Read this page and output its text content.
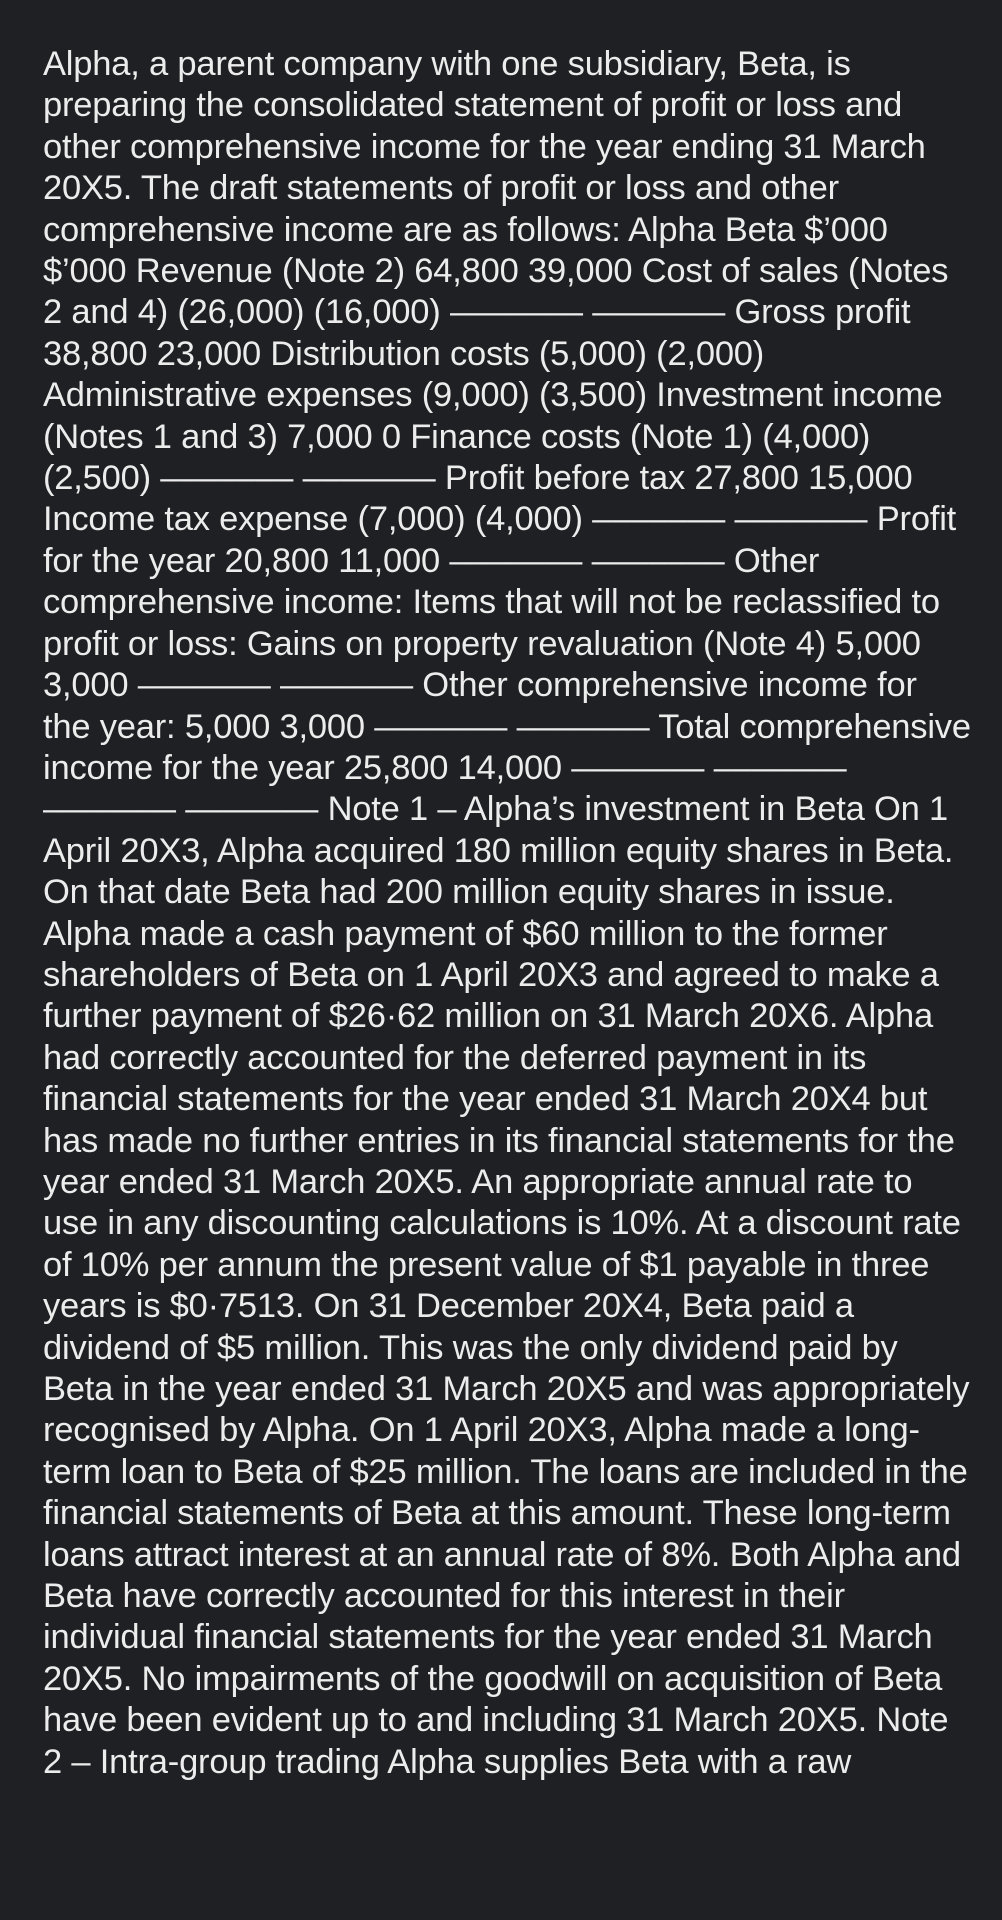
Alpha, a parent company with one subsidiary, Beta, is preparing the consolidated statement of profit or loss and other comprehensive income for the year ending 31 March 20X5. The draft statements of profit or loss and other comprehensive income are as follows: Alpha Beta $’000 $’000 Revenue (Note 2) 64,800 39,000 Cost of sales (Notes 2 and 4) (26,000) (16,000) ––––––– ––––––– Gross profit 38,800 23,000 Distribution costs (5,000) (2,000) Administrative expenses (9,000) (3,500) Investment income (Notes 1 and 3) 7,000 0 Finance costs (Note 1) (4,000) (2,500) ––––––– ––––––– Profit before tax 27,800 15,000 Income tax expense (7,000) (4,000) ––––––– ––––––– Profit for the year 20,800 11,000 ––––––– ––––––– Other comprehensive income: Items that will not be reclassified to profit or loss: Gains on property revaluation (Note 4) 5,000 3,000 ––––––– ––––––– Other comprehensive income for the year: 5,000 3,000 ––––––– ––––––– Total comprehensive income for the year 25,800 14,000 ––––––– ––––––– ––––––– ––––––– Note 1 – Alpha’s investment in Beta On 1 April 20X3, Alpha acquired 180 million equity shares in Beta. On that date Beta had 200 million equity shares in issue. Alpha made a cash payment of $60 million to the former shareholders of Beta on 1 April 20X3 and agreed to make a further payment of $26·62 million on 31 March 20X6. Alpha had correctly accounted for the deferred payment in its financial statements for the year ended 31 March 20X4 but has made no further entries in its financial statements for the year ended 31 March 20X5. An appropriate annual rate to use in any discounting calculations is 10%. At a discount rate of 10% per annum the present value of $1 payable in three years is $0·7513. On 31 December 20X4, Beta paid a dividend of $5 million. This was the only dividend paid by Beta in the year ended 31 March 20X5 and was appropriately recognised by Alpha. On 1 April 20X3, Alpha made a long-term loan to Beta of $25 million. The loans are included in the financial statements of Beta at this amount. These long-term loans attract interest at an annual rate of 8%. Both Alpha and Beta have correctly accounted for this interest in their individual financial statements for the year ended 31 March 20X5. No impairments of the goodwill on acquisition of Beta have been evident up to and including 31 March 20X5. Note 2 – Intra-group trading Alpha supplies Beta with a raw
